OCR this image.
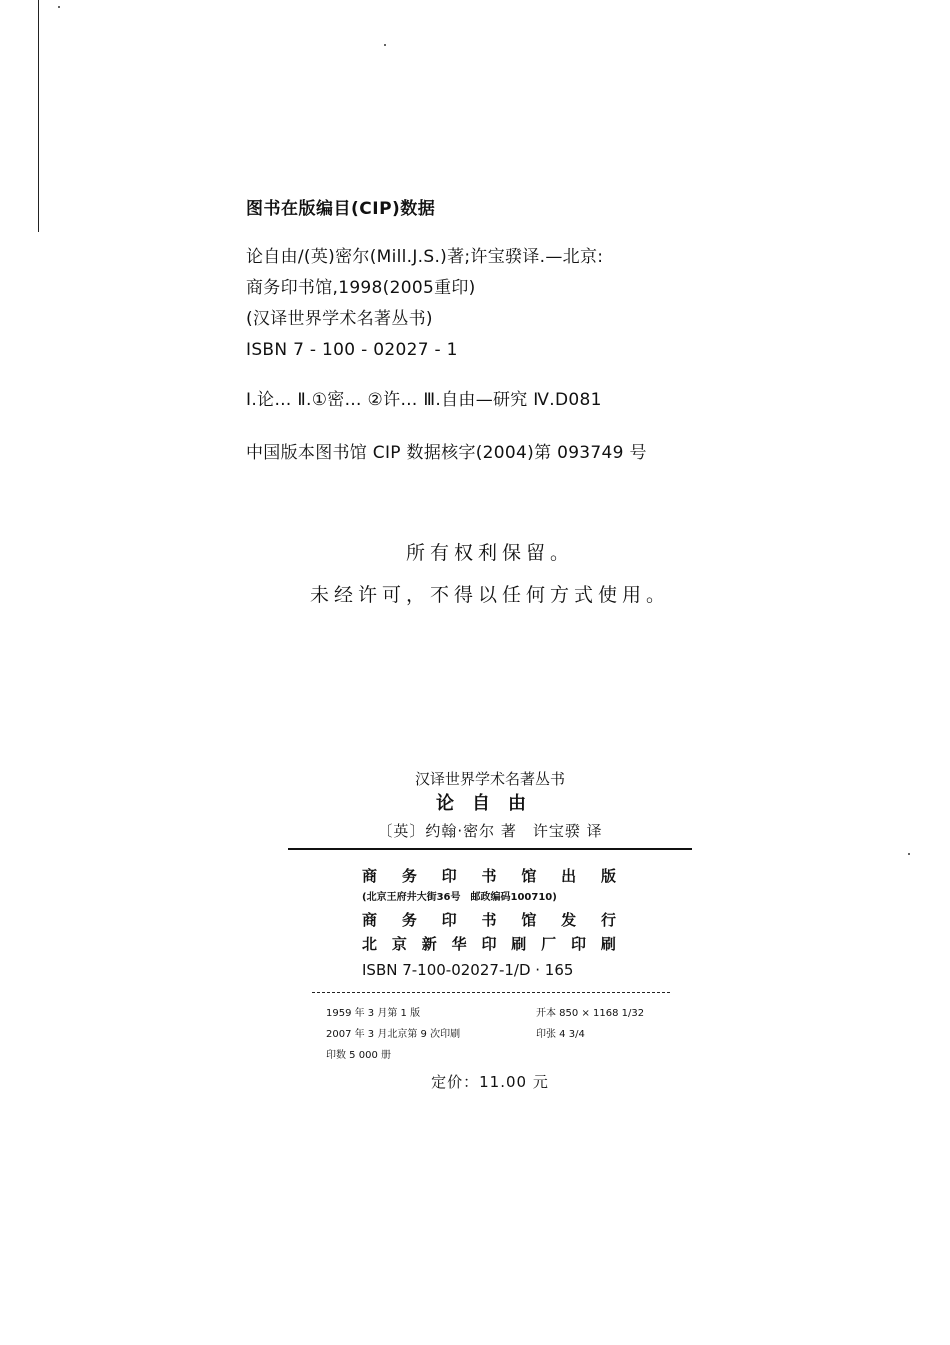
图书在版编目(CIP)数据
论自由/(英)密尔(Mill.J.S.)著;许宝骙译.—北京:
商务印书馆,1998(2005重印)
(汉译世界学术名著丛书)
ISBN 7 - 100 - 02027 - 1
Ⅰ.论… Ⅱ.①密… ②许… Ⅲ.自由—研究 Ⅳ.D081
中国版本图书馆 CIP 数据核字(2004)第 093749 号
所有权利保留。
未经许可，不得以任何方式使用。
汉译世界学术名著丛书
论自由
〔英〕约翰·密尔 著　许宝骙 译
商 务 印 书 馆 出 版
(北京王府井大街36号　邮政编码100710)
商 务 印 书 馆 发 行
北 京 新 华 印 刷 厂 印 刷
ISBN 7-100-02027-1/D · 165
1959 年 3 月第 1 版	开本 850 × 1168 1/32
2007 年 3 月北京第 9 次印刷	印张 4 3/4
印数 5 000 册
定价：11.00 元
